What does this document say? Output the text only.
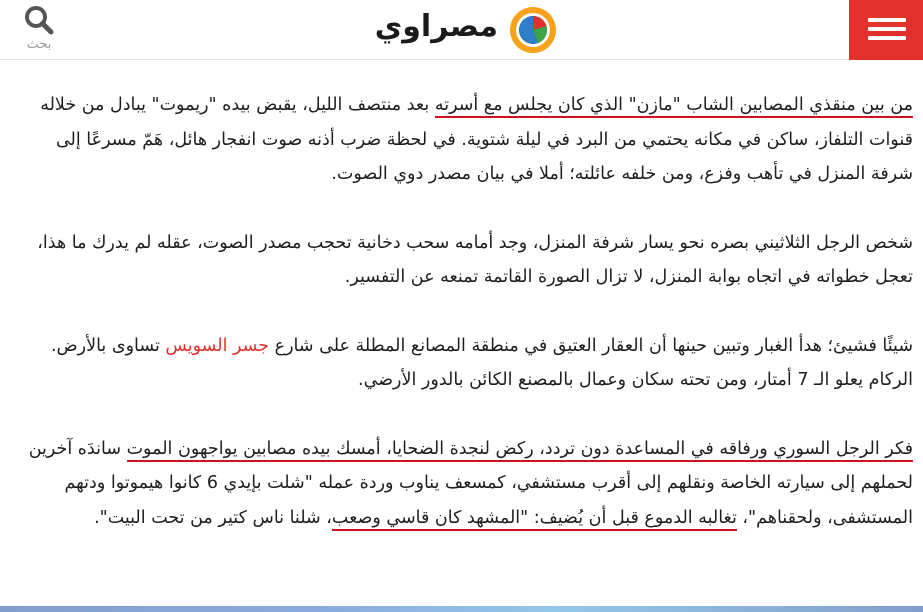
مصراوي
بحث

من بين منقذي المصابين الشاب "مازن" الذي كان يجلس مع أسرته بعد منتصف الليل، يقبض بيده "ريموت" يبادل من خلاله قنوات التلفاز، ساكن في مكانه يحتمي من البرد في ليلة شتوية. في لحظة ضرب أذنه صوت انفجار هائل، هَمّ مسرعًا إلى شرفة المنزل في تأهب وفزع، ومن خلفه عائلته؛ أملا في بيان مصدر دوي الصوت.

شخص الرجل الثلاثيني بصره نحو يسار شرفة المنزل، وجد أمامه سحب دخانية تحجب مصدر الصوت، عقله لم يدرك ما هذا، تعجل خطواته في اتجاه بوابة المنزل، لا تزال الصورة القاتمة تمنعه عن التفسير.

شيئًا فشيئ؛ هدأ الغبار وتبين حينها أن العقار العتيق في منطقة المصانع المطلة على شارع جسر السويس تساوى بالأرض. الركام يعلو الـ 7 أمتار، ومن تحته سكان وعمال بالمصنع الكائن بالدور الأرضي.

فكر الرجل السوري ورفاقه في المساعدة دون تردد، ركض لنجدة الضحايا، أمسك بيده مصابين يواجهون الموت ساندَه آخرين لحملهم إلى سيارته الخاصة ونقلهم إلى أقرب مستشفي، كمسعف يناوب وردة عمله "شلت بإيدي 6 كانوا هيموتوا ودتهم المستشفى، ولحقناهم"، تغالبه الدموع قبل أن يُضيف: "المشهد كان قاسي وصعب، شلنا ناس كتير من تحت البيت".
